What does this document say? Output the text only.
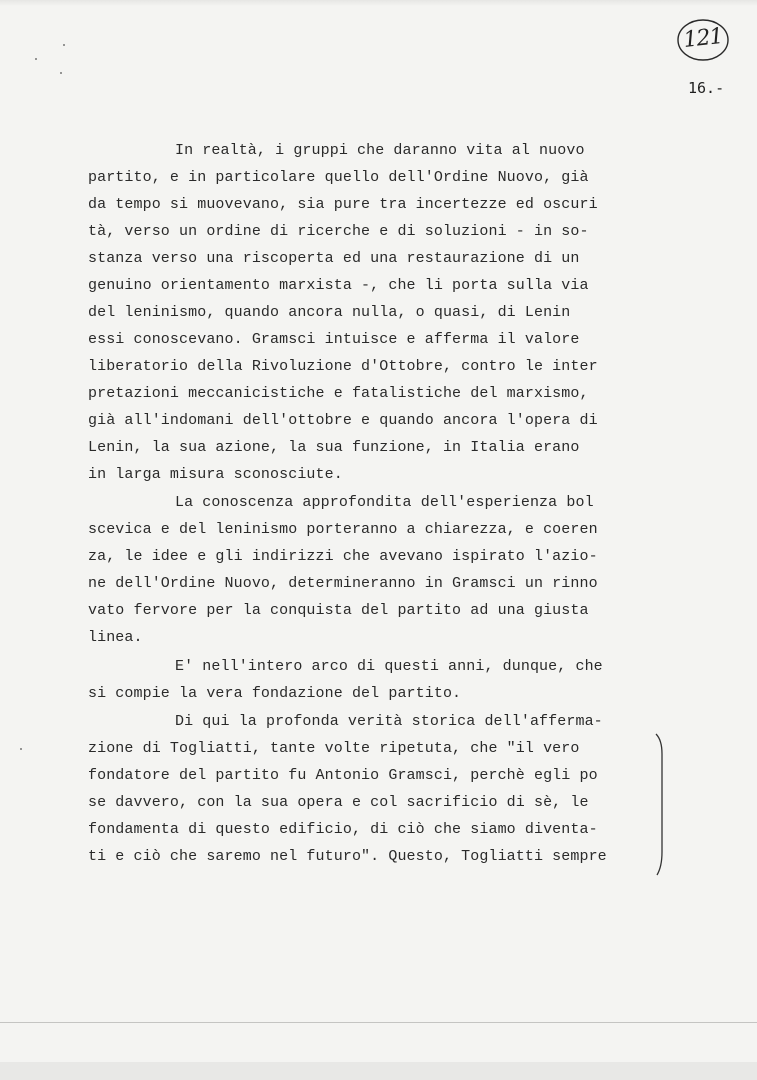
121
16.-

In realtà, i gruppi che daranno vita al nuovo

partito, e in particolare quello dell'Ordine Nuovo, già

da tempo si muovevano, sia pure tra incertezze ed oscuri

tà, verso un ordine di ricerche e di soluzioni - in so-

stanza verso una riscoperta ed una restaurazione di un

genuino orientamento marxista -, che li porta sulla via

del leninismo, quando ancora nulla, o quasi, di Lenin

essi conoscevano. Gramsci intuisce e afferma il valore

liberatorio della Rivoluzione d'Ottobre, contro le inter

pretazioni meccanicistiche e fatalistiche del marxismo,

già all'indomani dell'ottobre e quando ancora l'opera di

Lenin, la sua azione, la sua funzione, in Italia erano

in larga misura sconosciute.

La conoscenza approfondita dell'esperienza bol

scevica e del leninismo porteranno a chiarezza, e coeren

za, le idee e gli indirizzi che avevano ispirato l'azio-

ne dell'Ordine Nuovo, determineranno in Gramsci un rinno

vato fervore per la conquista del partito ad una giusta

linea.

E' nell'intero arco di questi anni, dunque, che

si compie la vera fondazione del partito.

Di qui la profonda verità storica dell'afferma-

zione di Togliatti, tante volte ripetuta, che "il vero

fondatore del partito fu Antonio Gramsci, perchè egli po

se davvero, con la sua opera e col sacrificio di sè, le

fondamenta di questo edificio, di ciò che siamo diventa-

ti e ciò che saremo nel futuro". Questo, Togliatti sempre
